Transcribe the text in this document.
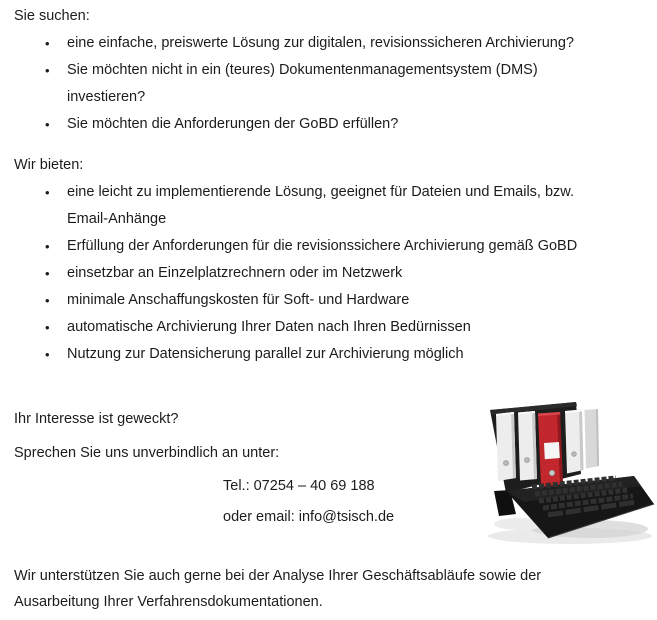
Sie suchen:
• eine einfache, preiswerte Lösung zur digitalen, revisionssicheren Archivierung?
• Sie möchten nicht in ein (teures) Dokumentenmanagementsystem (DMS)
investieren?
• Sie möchten die Anforderungen der GoBD erfüllen?
Wir bieten:
• eine leicht zu implementierende Lösung, geeignet für Dateien und Emails, bzw.
Email-Anhänge
• Erfüllung der Anforderungen für die revisionssichere Archivierung gemäß GoBD
• einsetzbar an Einzelplatzrechnern oder im Netzwerk
• minimale Anschaffungskosten für Soft- und Hardware
• automatische Archivierung Ihrer Daten nach Ihren Bedürnissen
• Nutzung zur Datensicherung parallel zur Archivierung möglich
Ihr Interesse ist geweckt?
Sprechen Sie uns unverbindlich an unter:
Tel.: 07254 – 40 69 188
oder email: info@tsisch.de
Wir unterstützen Sie auch gerne bei der Analyse Ihrer Geschäftsabläufe sowie der
Ausarbeitung Ihrer Verfahrensdokumentationen.
